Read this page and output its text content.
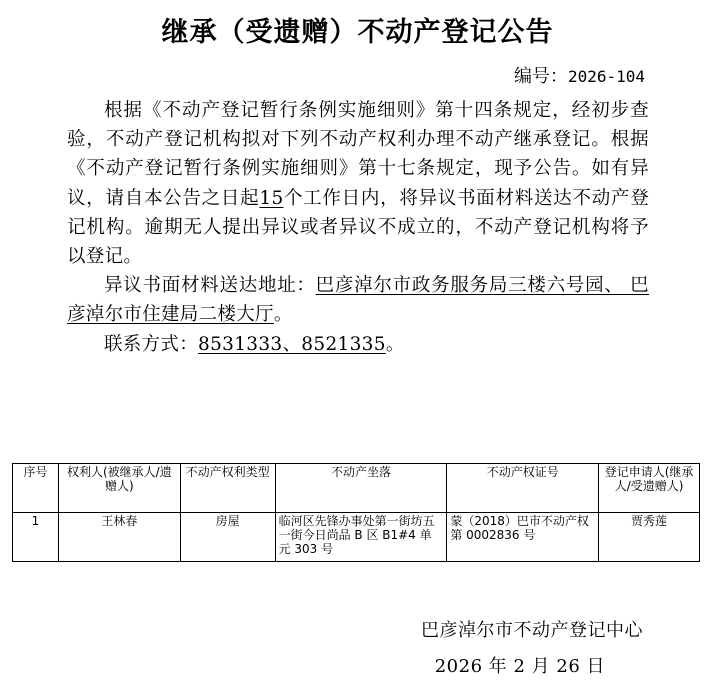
继承（受遗赠）不动产登记公告
编号：2026-104

根据《不动产登记暂行条例实施细则》第十四条规定，经初步查验，不动产登记机构拟对下列不动产权利办理不动产继承登记。根据《不动产登记暂行条例实施细则》第十七条规定，现予公告。如有异议，请自本公告之日起15个工作日内，将异议书面材料送达不动产登记机构。逾期无人提出异议或者异议不成立的，不动产登记机构将予以登记。

异议书面材料送达地址：巴彦淖尔市政务服务局三楼六号园、 巴彦淖尔市住建局二楼大厅。

联系方式：8531333、8521335。

序号	权利人(被继承人/遗赠人)	不动产权利类型	不动产坐落	不动产权证号	登记申请人(继承人/受遗赠人)
1	王林春	房屋	临河区先锋办事处第一街坊五一街今日尚品 B 区 B1#4 单元 303 号	蒙（2018）巴市不动产权第 0002836 号	贾秀莲
巴彦淖尔市不动产登记中心
2026 年 2 月 26 日
